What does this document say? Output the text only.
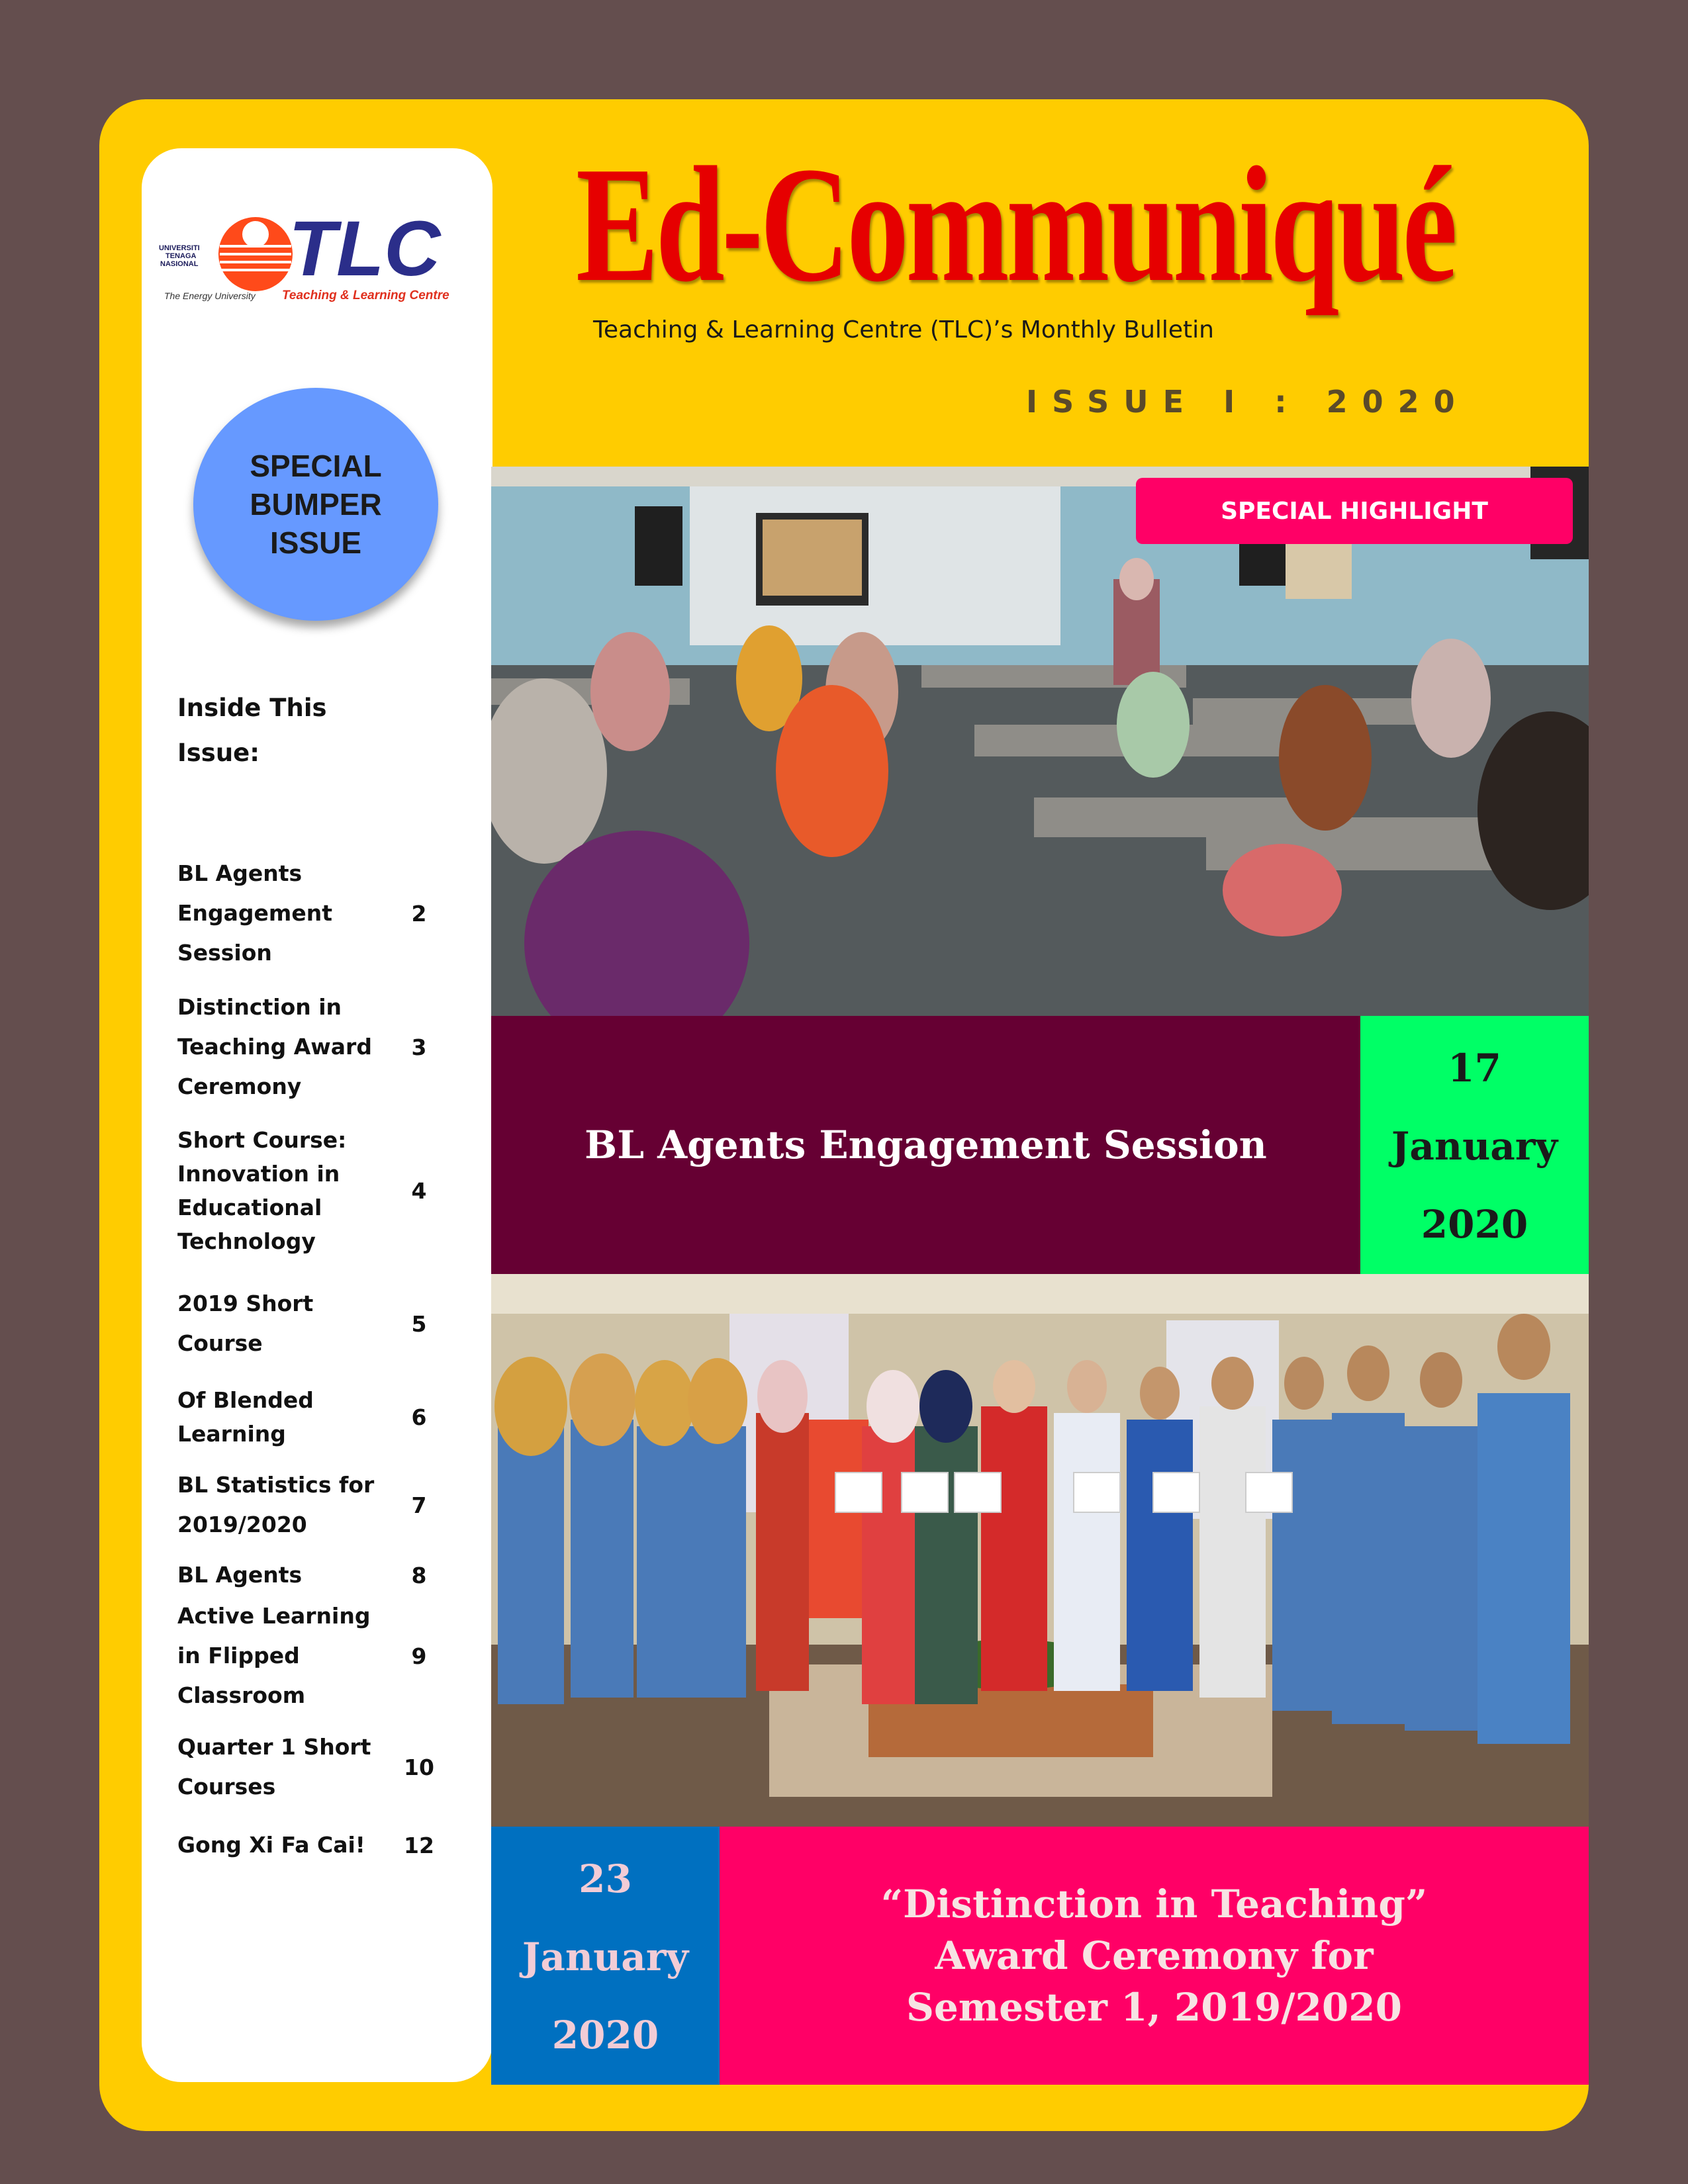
UNIVERSITI
TENAGA
NASIONAL TLC
The Energy University Teaching & Learning Centre
SPECIAL
BUMPER
ISSUE
Inside This Issue:
BL Agents Engagement Session
2
Distinction in Teaching Award Ceremony
3
Short Course: Innovation in Educational Technology
4
2019 Short Course
5
Of Blended Learning
6
BL Statistics for 2019/2020
7
BL Agents	8
Active Learning in Flipped Classroom
9
Quarter 1 Short Courses
10
Gong Xi Fa Cai!	12
Ed-Communiqué
Teaching & Learning Centre (TLC)’s Monthly Bulletin
ISSUE I : 2020
SPECIAL HIGHLIGHT
BL Agents Engagement Session
17
January
2020
23
January
2020
“Distinction in Teaching”
Award Ceremony for
Semester 1, 2019/2020
